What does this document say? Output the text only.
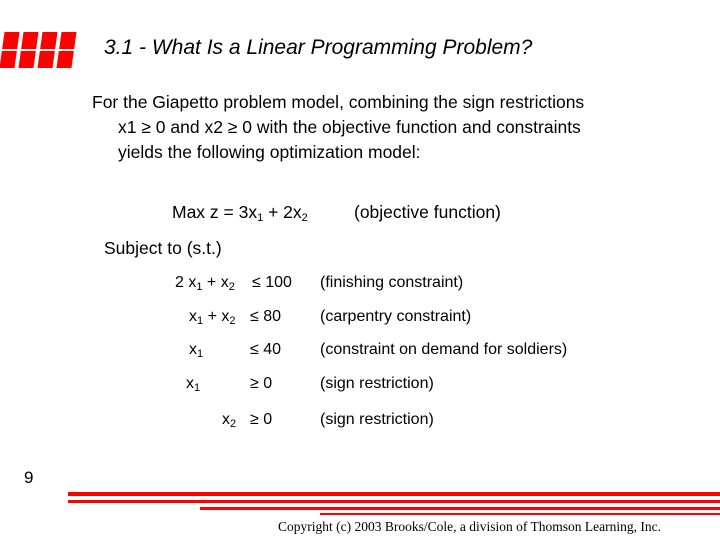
3.1 - What Is a Linear Programming Problem?
For the Giapetto problem model, combining the sign restrictions
x1 ≥ 0 and x2 ≥ 0 with the objective function and constraints
yields the following optimization model:
Max $z = 3x_1 + 2x_2$	(objective function)
Subject to (s.t.)
2 $x_1 + x_2 \le 100$ (finishing constraint)
$x_1 + x_2 \le 80$ (carpentry constraint)
$x_1$	≤ 40 (constraint on demand for soldiers)
$x_1$	≥ 0	(sign restriction)
$x_2 \ge 0$	(sign restriction)
9
Copyright (c) 2003 Brooks/Cole, a division of Thomson Learning, Inc.
